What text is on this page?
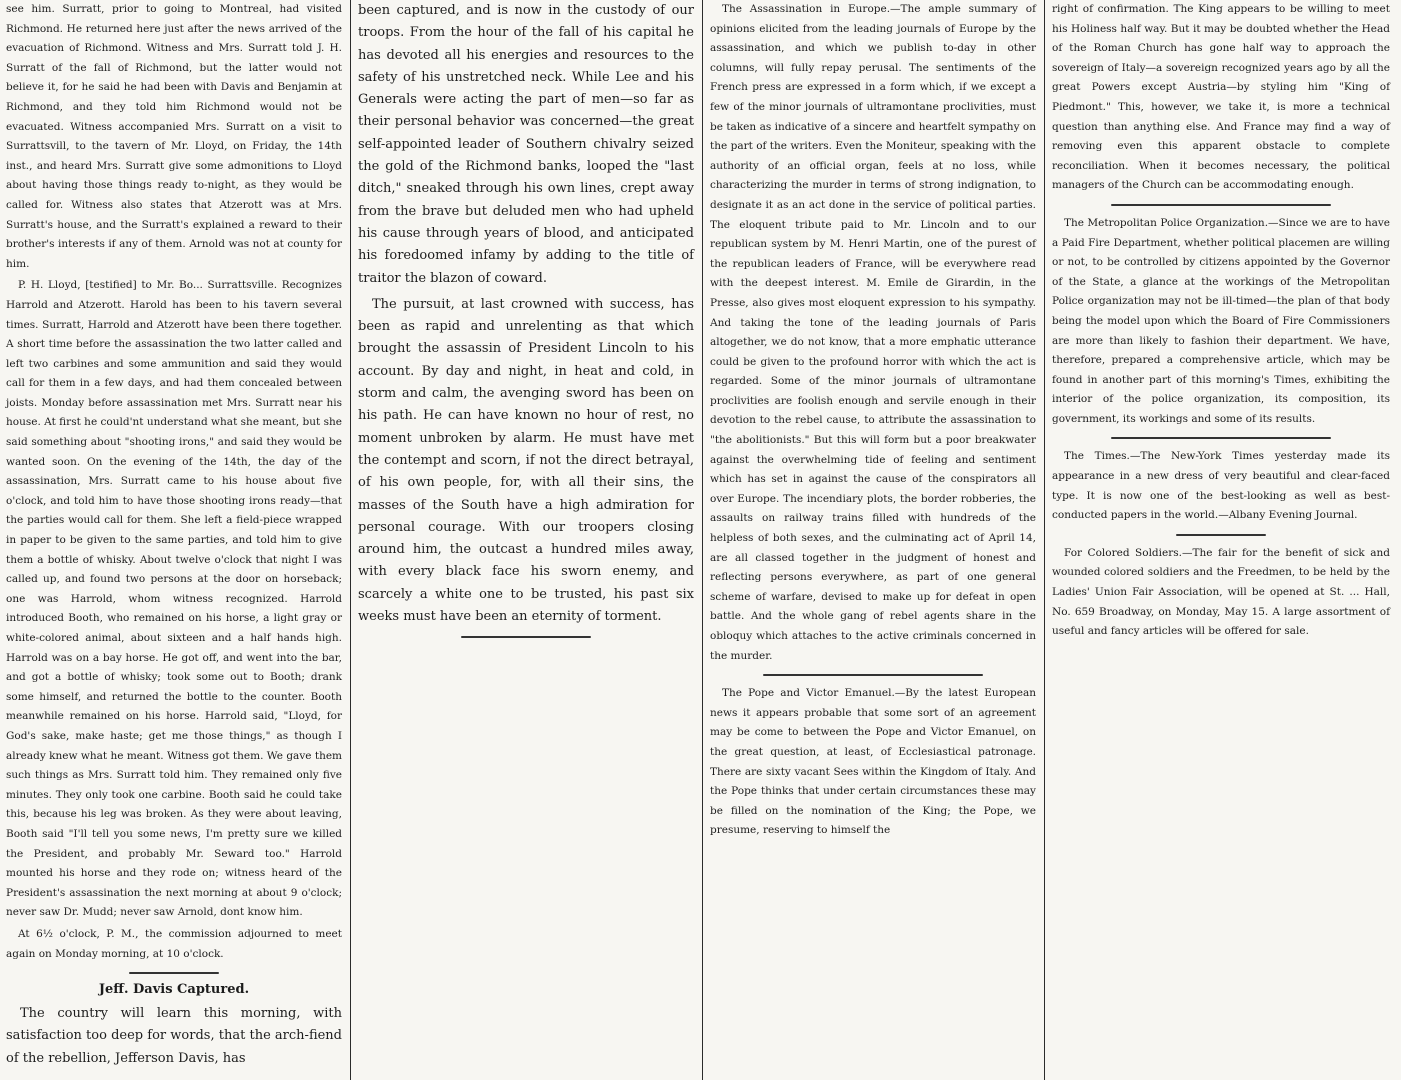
see him. Surratt, prior to going to Montreal, had visited Richmond. He returned here just after the news arrived of the evacuation of Richmond. Witness and Mrs. Surratt told J. H. Surratt of the fall of Richmond, but the latter would not believe it, for he said he had been with Davis and Benjamin at Richmond, and they told him Richmond would not be evacuated. Witness accompanied Mrs. Surratt on a visit to Surrattsvill, to the tavern of Mr. Lloyd, on Friday, the 14th inst., and heard Mrs. Surratt give some admonitions to Lloyd about having those things ready to-night, as they would be called for. Witness also states that Atzerott was at Mrs. Surratt's house, and the Surratt's explained a reward to their brother's interests if any of them. Arnold was not at county for him.

P. H. Lloyd, [testified] to Mr. Bo... Surrattsville. Recognizes Harrold and Atzerott. Harold has been to his tavern several times. Surratt, Harrold and Atzerott have been there together. A short time before the assassination the two latter called and left two carbines and some ammunition and said they would call for them in a few days, and had them concealed between joists. Monday before assassination met Mrs. Surratt near his house. At first he could'nt understand what she meant, but she said something about "shooting irons," and said they would be wanted soon. On the evening of the 14th, the day of the assassination, Mrs. Surratt came to his house about five o'clock, and told him to have those shooting irons ready—that the parties would call for them. She left a field-piece wrapped in paper to be given to the same parties, and told him to give them a bottle of whisky. About twelve o'clock that night I was called up, and found two persons at the door on horseback; one was Harrold, whom witness recognized. Harrold introduced Booth, who remained on his horse, a light gray or white-colored animal, about sixteen and a half hands high. Harrold was on a bay horse. He got off, and went into the bar, and got a bottle of whisky; took some out to Booth; drank some himself, and returned the bottle to the counter. Booth meanwhile remained on his horse. Harrold said, "Lloyd, for God's sake, make haste; get me those things," as though I already knew what he meant. Witness got them. We gave them such things as Mrs. Surratt told him. They remained only five minutes. They only took one carbine. Booth said he could take this, because his leg was broken. As they were about leaving, Booth said "I'll tell you some news, I'm pretty sure we killed the President, and probably Mr. Seward too." Harrold mounted his horse and they rode on; witness heard of the President's assassination the next morning at about 9 o'clock; never saw Dr. Mudd; never saw Arnold, dont know him.

At 6½ o'clock, P. M., the commission adjourned to meet again on Monday morning, at 10 o'clock.

Jeff. Davis Captured.

The country will learn this morning, with satisfaction too deep for words, that the arch-fiend of the rebellion, Jefferson Davis, has

been captured, and is now in the custody of our troops. From the hour of the fall of his capital he has devoted all his energies and resources to the safety of his unstretched neck. While Lee and his Generals were acting the part of men—so far as their personal behavior was concerned—the great self-appointed leader of Southern chivalry seized the gold of the Richmond banks, looped the "last ditch," sneaked through his own lines, crept away from the brave but deluded men who had upheld his cause through years of blood, and anticipated his foredoomed infamy by adding to the title of traitor the blazon of coward.

The pursuit, at last crowned with success, has been as rapid and unrelenting as that which brought the assassin of President Lincoln to his account. By day and night, in heat and cold, in storm and calm, the avenging sword has been on his path. He can have known no hour of rest, no moment unbroken by alarm. He must have met the contempt and scorn, if not the direct betrayal, of his own people, for, with all their sins, the masses of the South have a high admiration for personal courage. With our troopers closing around him, the outcast a hundred miles away, with every black face his sworn enemy, and scarcely a white one to be trusted, his past six weeks must have been an eternity of torment.

The Assassination in Europe.—The ample summary of opinions elicited from the leading journals of Europe by the assassination, and which we publish to-day in other columns, will fully repay perusal. The sentiments of the French press are expressed in a form which, if we except a few of the minor journals of ultramontane proclivities, must be taken as indicative of a sincere and heartfelt sympathy on the part of the writers. Even the Moniteur, speaking with the authority of an official organ, feels at no loss, while characterizing the murder in terms of strong indignation, to designate it as an act done in the service of political parties. The eloquent tribute paid to Mr. Lincoln and to our republican system by M. Henri Martin, one of the purest of the republican leaders of France, will be everywhere read with the deepest interest. M. Emile de Girardin, in the Presse, also gives most eloquent expression to his sympathy. And taking the tone of the leading journals of Paris altogether, we do not know, that a more emphatic utterance could be given to the profound horror with which the act is regarded. Some of the minor journals of ultramontane proclivities are foolish enough and servile enough in their devotion to the rebel cause, to attribute the assassination to "the abolitionists." But this will form but a poor breakwater against the overwhelming tide of feeling and sentiment which has set in against the cause of the conspirators all over Europe. The incendiary plots, the border robberies, the assaults on railway trains filled with hundreds of the helpless of both sexes, and the culminating act of April 14, are all classed together in the judgment of honest and reflecting persons everywhere, as part of one general scheme of warfare, devised to make up for defeat in open battle. And the whole gang of rebel agents share in the obloquy which attaches to the active criminals concerned in the murder.

The Pope and Victor Emanuel.—By the latest European news it appears probable that some sort of an agreement may be come to between the Pope and Victor Emanuel, on the great question, at least, of Ecclesiastical patronage. There are sixty vacant Sees within the Kingdom of Italy. And the Pope thinks that under certain circumstances these may be filled on the nomination of the King; the Pope, we presume, reserving to himself the

right of confirmation. The King appears to be willing to meet his Holiness half way. But it may be doubted whether the Head of the Roman Church has gone half way to approach the sovereign of Italy—a sovereign recognized years ago by all the great Powers except Austria—by styling him "King of Piedmont." This, however, we take it, is more a technical question than anything else. And France may find a way of removing even this apparent obstacle to complete reconciliation. When it becomes necessary, the political managers of the Church can be accommodating enough.

The Metropolitan Police Organization.—Since we are to have a Paid Fire Department, whether political placemen are willing or not, to be controlled by citizens appointed by the Governor of the State, a glance at the workings of the Metropolitan Police organization may not be ill-timed—the plan of that body being the model upon which the Board of Fire Commissioners are more than likely to fashion their department. We have, therefore, prepared a comprehensive article, which may be found in another part of this morning's Times, exhibiting the interior of the police organization, its composition, its government, its workings and some of its results.

The Times.—The New-York Times yesterday made its appearance in a new dress of very beautiful and clear-faced type. It is now one of the best-looking as well as best-conducted papers in the world.—Albany Evening Journal.

For Colored Soldiers.—The fair for the benefit of sick and wounded colored soldiers and the Freedmen, to be held by the Ladies' Union Fair Association, will be opened at St. ... Hall, No. 659 Broadway, on Monday, May 15. A large assortment of useful and fancy articles will be offered for sale.
